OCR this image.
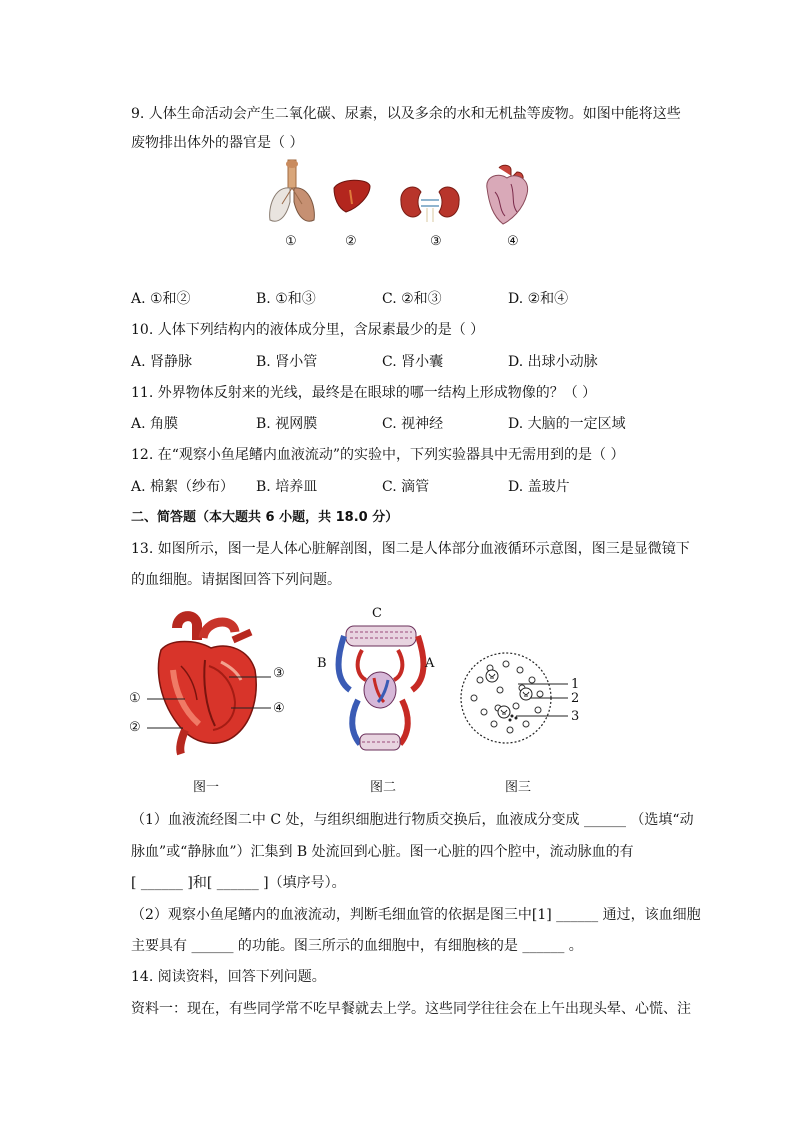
9. 人体生命活动会产生二氧化碳、尿素，以及多余的水和无机盐等废物。如图中能将这些
废物排出体外的器官是（ ）
①	②	③	④
A. ①和②	B. ①和③	C. ②和③	D. ②和④
10. 人体下列结构内的液体成分里，含尿素最少的是（ ）
A. 肾静脉	B. 肾小管	C. 肾小囊	D. 出球小动脉
11. 外界物体反射来的光线，最终是在眼球的哪一结构上形成物像的？（ ）
A. 角膜	B. 视网膜	C. 视神经	D. 大脑的一定区域
12. 在“观察小鱼尾鳍内血液流动”的实验中，下列实验器具中无需用到的是（ ）
A. 棉絮（纱布） B. 培养皿	C. 滴管	D. 盖玻片
二、简答题（本大题共 6 小题，共 18.0 分）
13. 如图所示，图一是人体心脏解剖图，图二是人体部分血液循环示意图，图三是显微镜下
的血细胞。请据图回答下列问题。
①
②
③
④
C
B	A
1
2
3
图一	图二	图三
（1）血液流经图二中 C 处，与组织细胞进行物质交换后，血液成分变成 ______ （选填“动
脉血”或“静脉血”）汇集到 B 处流回到心脏。图一心脏的四个腔中，流动脉血的有
[ ______ ]和[ ______ ]（填序号）。
（2）观察小鱼尾鳍内的血液流动，判断毛细血管的依据是图三中[1] ______ 通过，该血细胞
主要具有 ______ 的功能。图三所示的血细胞中，有细胞核的是 ______ 。
14. 阅读资料，回答下列问题。
资料一：现在，有些同学常不吃早餐就去上学。这些同学往往会在上午出现头晕、心慌、注
